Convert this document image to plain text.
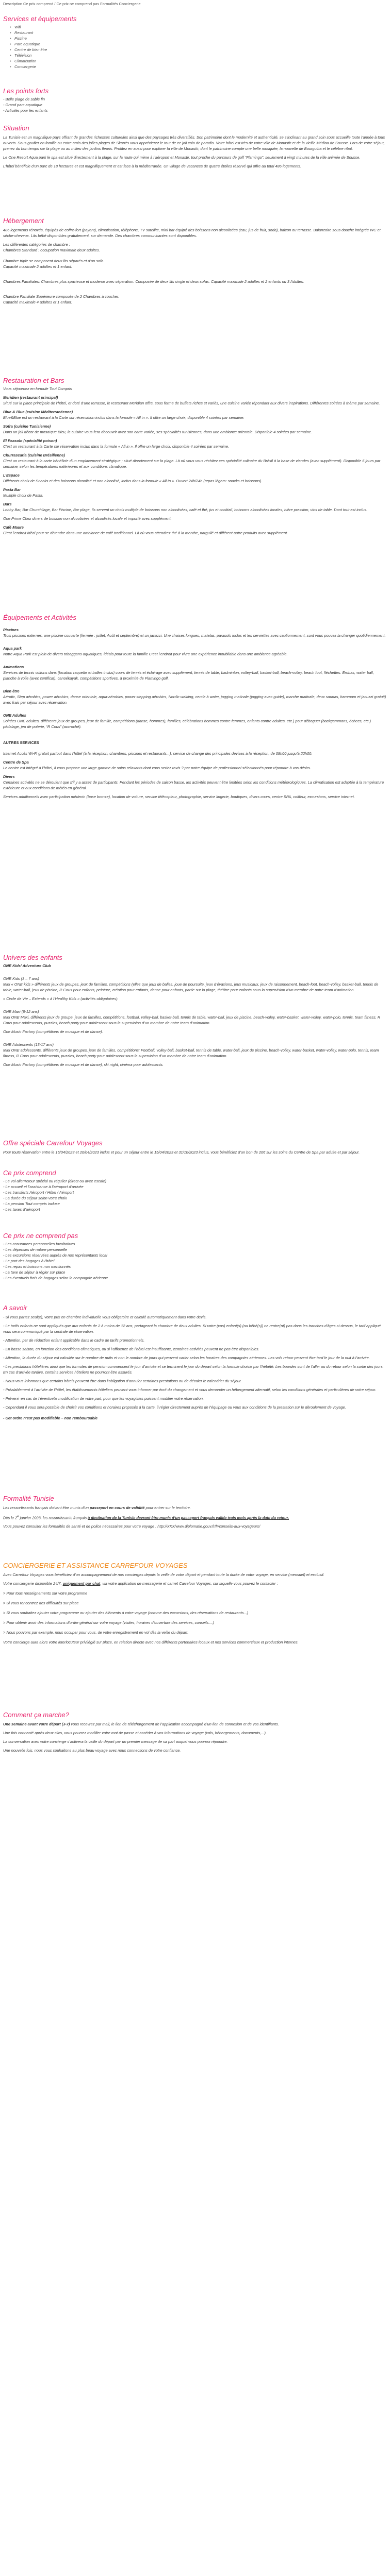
Description Ce prix comprend / Ce prix ne comprend pas Formalités Conciergerie
Services et équipements
• Wifi
• Restaurant
• Piscine
• Parc aquatique
• Centre de bien être
• Télévision
• Climatisation
• Conciergerie
Les points forts
- Belle plage de sable fin
- Grand parc aquatique
- Activités pour les enfants
Situation

La Tunisie est un magnifique pays offrant de grandes richesses culturelles ainsi que des paysages très diversifiés. Son patrimoine dont le modernité et authenticité, se s’inclinant au grand soin sous accueille toute l’année à tous ouverts. Sous gaufier en famille ou entre amis des jolies plages de Skanès vous apprécierez le tour de ce joli coin de paradis. Votre hôtel est très de votre ville de Monastir et de la vieille Médina de Sousse. Lors de votre séjour, prenez du bon temps sur la plage ou au milieu des jardins fleuris. Profitez en aussi pour explorer la ville de Monastir, dont le patrimoine compte une belle mosquée, la nouvelle de Bourguiba et le célèbre ribat.

Le One Resort Aqua park le spa est situé directement à la plage, sur la route qui mène à l’aéroport et Monastir, tout proche du parcours de golf “Flamingo”, seulement à vingt minutes de la ville animée de Sousse.

L’hôtel bénéficie d’un parc de 18 hectares et est magnifiquement et est face à la méditerranée. Un village de vacances de quatre étoiles réservé qui offre au total 486 logements.

Hébergement

486 logements rénovés, équipés de coffre-fort (payant), climatisation, téléphone, TV satellite, mini bar équipé des boissons non alcoolisées (eau, jus de fruit, soda), balcon ou terrasse. Balancoire sous douche intégrée WC et sèche-cheveux. Lits bébé disponibles gratuitement, sur demande. Des chambres communicantes sont disponibles.

Les différentes catégories de chambre :

Chambres Standard : occupation maximale deux adultes.

Chambre triple se composent deux lits séparés et d’un sofa.

Capacité maximale 2 adultes et 1 enfant.

Chambres Familiales: Chambres plus spacieuse et moderne avec séparation. Composée de deux lits single et deux sofas. Capacité maximale 2 adultes et 2 enfants ou 3 Adultes.

Chambre Familiale Supérieure composée de 2 Chambres à coucher.

Capacité maximale 4 adultes et 1 enfant.

Restauration et Bars

Vous séjournez en formule Tout Compris

Meridien (restaurant principal)

Situé sur la place principale de l’hôtel, et doté d’une terrasse, le restaurant Meridian offre, sous forme de buffets riches et variés, une cuisine variée répondant aux divers inspirations. Différentes soirées à thème par semaine.

Blue & Blue (cuisine Méditerranéenne)

Blue&Blue est un restaurant à la Carte sur réservation inclus dans la formule « All in ». Il offre un large choix, disponible 4 soirées par semaine.

Sofra (cuisine Tunisienne)

Dans un joli décor de mosaïque Bleu, la cuisine vous fera découvrir avec son carte variée, ses spécialités tunisiennes, dans une ambiance orientale. Disponible 4 soirées par semaine.

El Peasolo (spécialité poison)

C’est un restaurant à la Carte sur réservation inclus dans la formule « All in ». Il offre un large choix, disponible 4 soirées par semaine.

Churrascaria (cuisine Brésilienne)

C’est un restaurant à la carte bénéficie d’un emplacement stratégique ; situé directement sur la plage. Là où vous vous réchitez ces spécialité culinaire du Brésil à la base de viandes (avec supplément). Disponible 6 jours par semaine, selon les températures extérieures et aux conditions climatique.

L’Espace

Différents choix de Snacks et des boissons alcoolisé et non alcoolisé, inclus dans la formule « All In ». Ouvert 24h/24h (repas légers: snacks et boissons).

Pasta Bar

Multiple choix de Pasta.

Bars

Lobby Bar, Bar Churchilage, Bar Piscine, Bar plage, Ils servent un choix multiple de boissons non alcoolisées, café et thé, jus et cocktail, boissons alcoolisées locales, bière pression, vins de table. Dont tout est inclus.

One Prime Chez diners de boisson non alcoolisées et alcoolisés locale et importé avec supplément.

Café Maure

C’est l’endroit idéal pour se détendre dans une ambiance de café traditionnel. Là où vous attendrez thé à la menthe, narguilé et différent autre produits avec supplément.

Équipements et Activités

Piscines

Trois piscines externes, une piscine couverte (fermée : juillet, Août et septembre) et un jacuzzi. Une chaises longues, matelas, parasols inclus et les serviettes avec cautionnement, sont vous pouvez la changer quotidiennement.

Aqua park

Notre Aqua Park est plein de divers toboggans aquatiques, idéals pour toute la famille C’est l’endroit pour vivre une expérience inoubliable dans une ambiance agréable.

Animations

Services de tennis voltons dans (location raquette et balles inclus) cours de tennis et éclairage avec supplément, tennis de table, badminton, volley-ball, basket-ball, beach-volley, beach foot, fléchettes. Erobas, water ball, planche à voile (avec certificat), canoékayak, compétitions sportives, à proximité de Flamingo golf.

Bien être

Aérotic, Step aérobics, power aérobics, danse orientale, aqua-aérobics, power stepping aérobics, Nordic walking, cercle à water, jogging matinale (jogging avec guide), marche matinale, deux saunas, hammam et jacuzzi gratuit) avec frais par séjour avec réservation.

ONE Adultes

Soirées ONE adultes, différents jeux de groupes, jeux de famille, compétitions (danse, hommes), familles, célébrations hommes contre femmes, enfants contre adultes, etc.) pour déboguer (backgammons, échecs, etc.) pédalage, jeu de poterie, “R Cous” (accroché).

AUTRES SERVICES

Internet Accès Wi-Fi gratuit partout dans l’hôtel (à la réception, chambres, piscines et restaurants...), service de change des principales devises à la réception, de 09h00 jusqu’à 22h00.

Centre de Spa

Le centre est intégré à l’hôtel, il vous propose une large gamme de soins relaxants dont vous seriez ravis ? par notre équipe de professionnel sélectionnés pour répondre à vos désirs.

Divers

Certaines activités ne se déroulent que s’il y a assez de participants. Pendant les périodes de saison basse, les activités peuvent être limitées selon les conditions météorologiques. La climatisation est adaptée à la température extérieure et aux conditions de météo en général.

Services additionnels avec participation médecin (base bronze), location de voiture, service télécopieur, photographie, service lingerie, boutiques, divers cours, centre SPA, coiffeur, excursions, service internet.

Univers des enfants

ONE Kids’ Adventure Club

ONE Kids (3 – 7 ans)

Mini « ONE kids » différents jeux de groupes, jeux de familles, compétitions (elles que jeux de balles, joue de poursuite, jeux d’évasions, jeux musicaux, jeux de raisonnement, beach-foot, beach-volley, basket-ball, tennis de table, water-ball, jeux de piscine, R Cous pour enfants, peinture, création pour enfants, danse pour enfants, partie sur la plage, théâtre pour enfants sous la supervision d’un membre de notre team d’animation.

« Circle de Vie – Extends » à l’Healthy Kids » (activités obligatoires).

ONE Maxi (8-12 ans)

Mini ONE Maxi, différents jeux de groupe, jeux de familles, compétitions, football, volley-ball, basket-ball, tennis de table, water-ball, jeux de piscine, beach-volley, water-basket, water-volley, water-polo, tennis, team fitness, R Cous pour adolescents, puzzles, beach party pour adolescent sous la supervision d’un membre de notre team d’animation.

One Music Factory (compétitions de musique et de danse).

ONE Adolescents (13-17 ans)

Mini ONE adolescents, différents jeux de groupes, jeux de familles, compétitions: Football, volley-ball, basket-ball, tennis de table, water-ball, jeux de piscine, beach-volley, water-basket, water-volley, water-polo, tennis, team fitness, R Cous pour adolescents, puzzles, beach party pour adolescent sous la supervision d’un membre de notre team d’animation.

One Music Factory (compétitions de musique et de danse), ski night, cinéma pour adolescents.

Offre spéciale Carrefour Voyages

Pour toute réservation entre le 15/04/2023 et 20/04/2023 inclus et pour un séjour entre le 15/04/2023 et 31/10/2023 inclus, vous bénéficiez d’un bon de 20€ sur les soins du Centre de Spa par adulte et par séjour.

Ce prix comprend
- Le vol aller/retour spécial ou régulier (direct ou avec escale)
- Le accueil et l’assistance à l’aéroport d’arrivée
- Les transferts Aéroport / Hôtel / Aéroport
- La durée du séjour selon votre choix
- La pension Tout compris incluse
- Les taxes d’aéroport
Ce prix ne comprend pas
- Les assurances personnelles facultatives
- Les dépenses de nature personnelle
- Les excursions réservées auprès de nos représentants local
- Le port des bagages à l’hôtel
- Les repas et boissons non mentionnés
- La taxe de séjour à régler sur place
- Les éventuels frais de bagages selon la compagnie aérienne
A savoir

- Si vous partez seul(e), votre prix en chambre individuelle vous obligatoire et calculé automatiquement dans votre devis.

- Le tarifs enfants ne sont appliqués que aux enfants de 2 à moins de 12 ans, partageant la chambre de deux adultes. Si votre (vos) enfant(s) (ou bébé(s)) ne rentre(nt) pas dans les tranches d’âges ci-dessus, le tarif appliqué vous sera communiqué par la centrale de réservation.

- Attention, par de réduction enfant applicable dans le cadre de tarifs promotionnels.

- En basse saison, en fonction des conditions climatiques, ou si l’affluence de l’hôtel est insuffisante, certaines activités peuvent ne pas être disponibles.

- Attention, la durée du séjour est calculée sur le nombre de nuits et non le nombre de jours qui peuvent varier selon les horaires des compagnies aériennes. Les vols retour peuvent être tard le jour de la nuit à l’arrivée.

- Les prestations hôtelières ainsi que les formules de pension commencent le jour d’arrivée et se terminent le jour du départ selon la formule choisie par l’hébété. Les bourdes sont de l’aller ou du retour selon la sortie des jours. En cas d’arrivée tardive, certains services hôteliers ne pourront être assurés.

- Nous vous informons que certains hôtels peuvent être dans l’obligation d’annuler certaines prestations ou de décaler le calendrier du séjour.

- Préalablement à l’arrivée de l’hôtel, les établissements hôteliers peuvent vous informer par écrit du changement et vous demander un hébergement alternatif, selon les conditions générales et particulières de votre séjour.

- Prévenir en cas de l’éventuelle modification de votre part, pour que les voyagistes puissent modifier votre réservation.

- Cependant il vous sera possible de choisir vos conditions et horaires proposés à la carte, il régler directement auprès de l’équipage ou vous aux conditions de la prestation sur le déroulement de voyage.

- Cet ordre n’est pas modifiable – non remboursable

Formalité Tunisie

Les ressortissants français doivent être munis d’un passeport en cours de validité pour entrer sur le territoire.

Dès le 2e janvier 2023, les ressortissants français à destination de la Tunisie devront être munis d’un passeport français valide trois mois après la date du retour.

Vous pouvez consulter les formalités de santé et de police nécessaires pour votre voyage : http://XXX/www.diplomatie.gouv.fr/fr/conseils-aux-voyageurs/

CONCIERGERIE ET ASSISTANCE CARREFOUR VOYAGES

Avec Carrefour Voyages vous bénéficiez d’un accompagnement de nos concierges depuis la veille de votre départ et pendant toute la durée de votre voyage, en service (mensuel) et exclusif.

Votre conciergerie disponible 24/7, uniquement par chat, via votre application de messagerie et carnet Carrefour Voyages, sur laquelle vous pouvez le contacter :

> Pour tous renseignements sur votre programme

> Si vous rencontrez des difficultés sur place

> Si vous souhaitez ajouter votre programme ou ajouter des éléments à votre voyage (comme des excursions, des réservations de restaurants...)

> Pour obtenir avoir des informations d’ordre général sur votre voyage (visites, horaires d’ouverture des services, conseils....)

> Nous pouvons par exemple, nous occuper pour vous, de votre enregistrement en vol dès la veille du départ.

Votre concierge aura alors votre interlocuteur privilégié sur place, en relation directe avec nos différents partenaires locaux et nos services commerciaux et production internes.

Comment ça marche?

Une semaine avant votre départ (J-7) vous recevrez par mail, le lien de téléchargement de l’application accompagné d’un lien de connexion et de vos identifiants.

Une fois connecté après deux clics, vous pourrez modifier votre mot de passe et accéder à vos informations de voyage (vols, hébergements, documents,...).

La conversation avec votre concierge s’activera la veille du départ par un premier message de sa part auquel vous pourrez répondre.

Une nouvelle fois, nous vous souhaitons au plus beau voyage avec nous connections de votre confiance.
